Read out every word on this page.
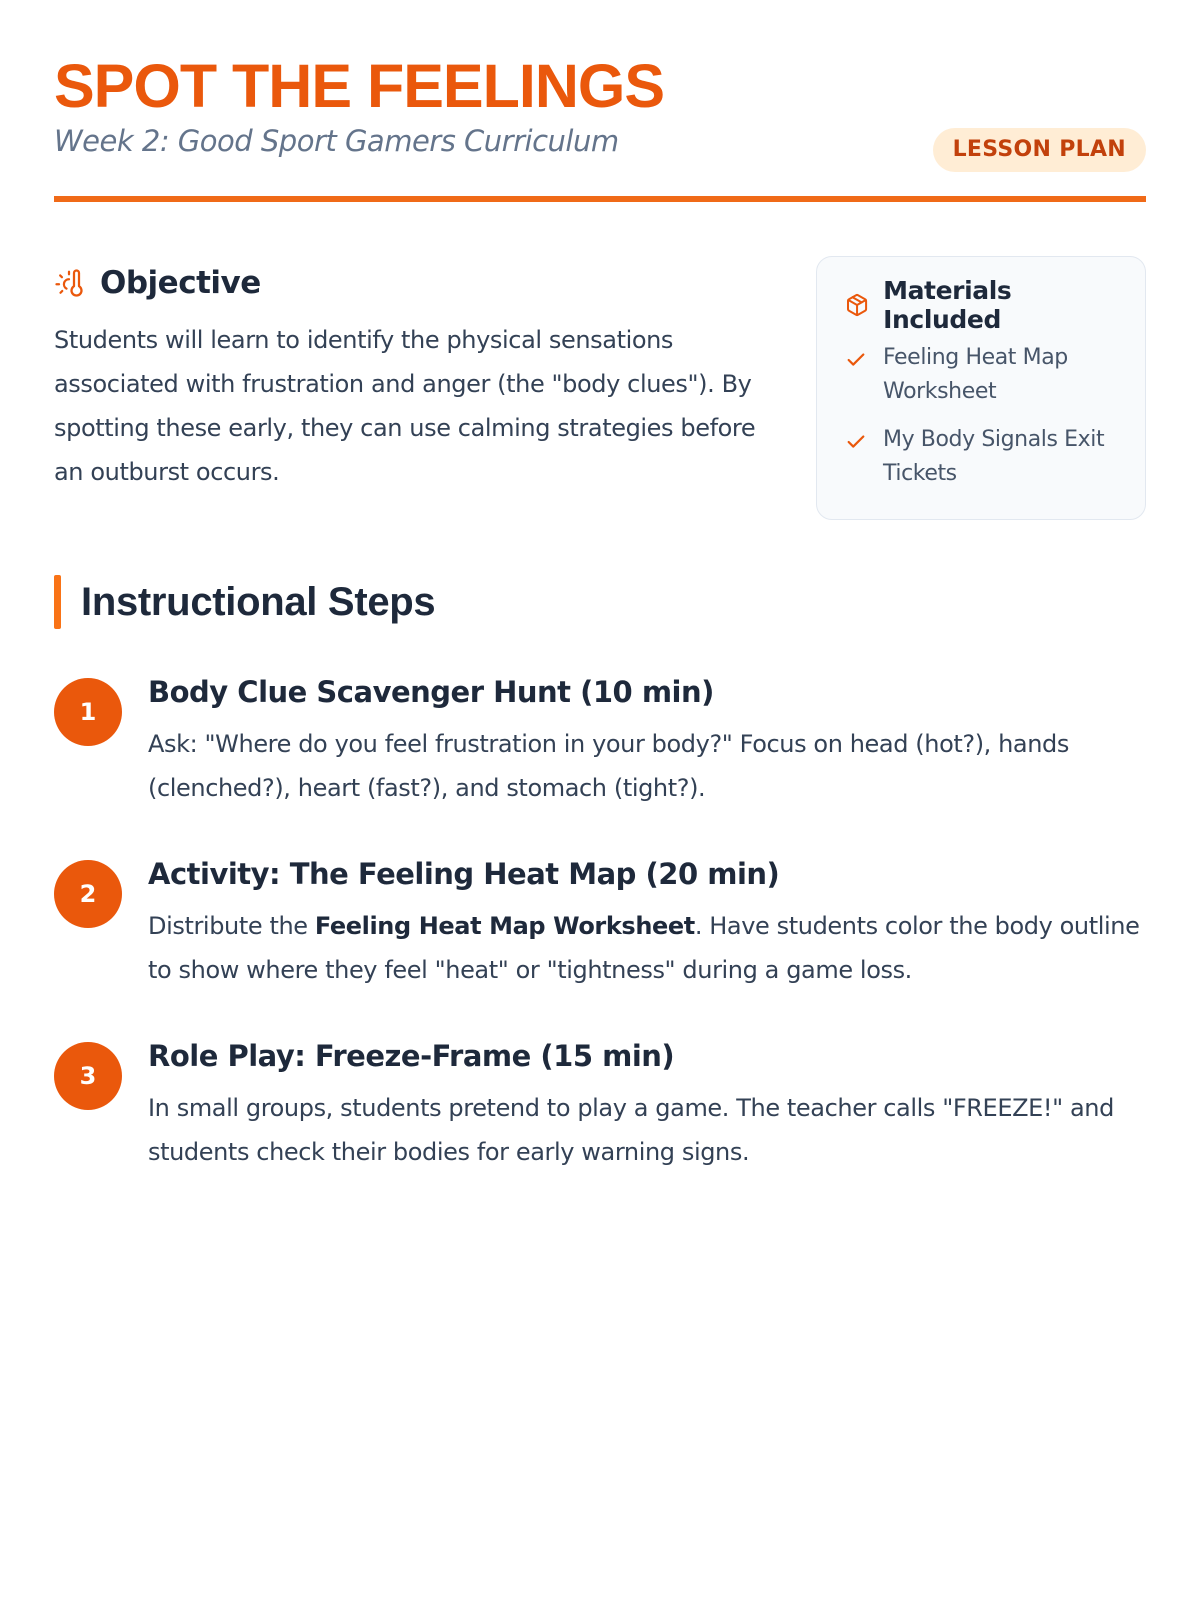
SPOT THE FEELINGS
Week 2: Good Sport Gamers Curriculum	LESSON PLAN
Objective

Students will learn to identify the physical sensations associated with frustration and anger (the "body clues"). By spotting these early, they can use calming strategies before an outburst occurs.

Materials Included
Feeling Heat Map Worksheet
My Body Signals Exit Tickets
Instructional Steps
1
Body Clue Scavenger Hunt (10 min)

Ask: "Where do you feel frustration in your body?" Focus on head (hot?), hands (clenched?), heart (fast?), and stomach (tight?).

2
Activity: The Feeling Heat Map (20 min)

Distribute the Feeling Heat Map Worksheet. Have students color the body outline to show where they feel "heat" or "tightness" during a game loss.

3
Role Play: Freeze-Frame (15 min)

In small groups, students pretend to play a game. The teacher calls "FREEZE!" and students check their bodies for early warning signs.
